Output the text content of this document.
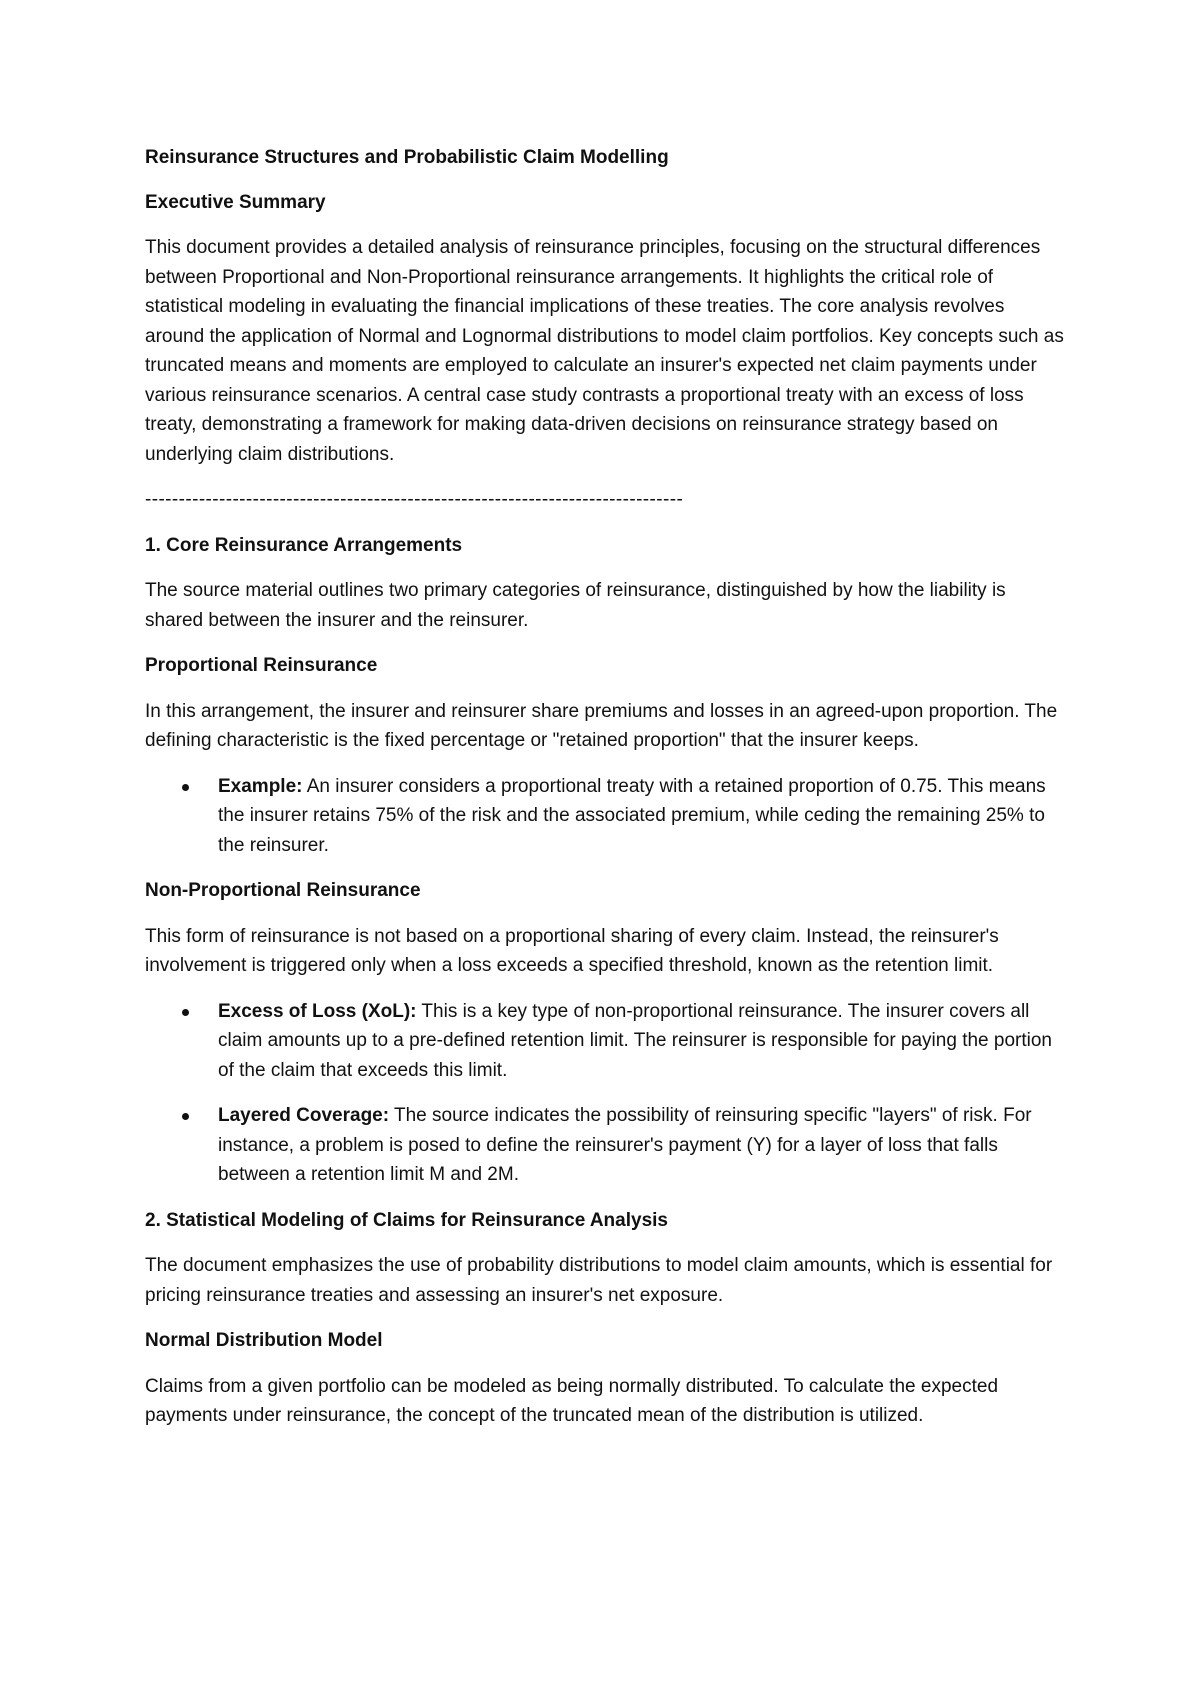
Reinsurance Structures and Probabilistic Claim Modelling
Executive Summary

This document provides a detailed analysis of reinsurance principles, focusing on the structural differences between Proportional and Non-Proportional reinsurance arrangements. It highlights the critical role of statistical modeling in evaluating the financial implications of these treaties. The core analysis revolves around the application of Normal and Lognormal distributions to model claim portfolios. Key concepts such as truncated means and moments are employed to calculate an insurer's expected net claim payments under various reinsurance scenarios. A central case study contrasts a proportional treaty with an excess of loss treaty, demonstrating a framework for making data-driven decisions on reinsurance strategy based on underlying claim distributions.

--------------------------------------------------------------------------------
1. Core Reinsurance Arrangements

The source material outlines two primary categories of reinsurance, distinguished by how the liability is shared between the insurer and the reinsurer.

Proportional Reinsurance

In this arrangement, the insurer and reinsurer share premiums and losses in an agreed-upon proportion. The defining characteristic is the fixed percentage or "retained proportion" that the insurer keeps.

Example: An insurer considers a proportional treaty with a retained proportion of 0.75. This means the insurer retains 75% of the risk and the associated premium, while ceding the remaining 25% to the reinsurer.
Non-Proportional Reinsurance

This form of reinsurance is not based on a proportional sharing of every claim. Instead, the reinsurer's involvement is triggered only when a loss exceeds a specified threshold, known as the retention limit.

Excess of Loss (XoL): This is a key type of non-proportional reinsurance. The insurer covers all claim amounts up to a pre-defined retention limit. The reinsurer is responsible for paying the portion of the claim that exceeds this limit.
Layered Coverage: The source indicates the possibility of reinsuring specific "layers" of risk. For instance, a problem is posed to define the reinsurer's payment (Y) for a layer of loss that falls between a retention limit M and 2M.
2. Statistical Modeling of Claims for Reinsurance Analysis

The document emphasizes the use of probability distributions to model claim amounts, which is essential for pricing reinsurance treaties and assessing an insurer's net exposure.

Normal Distribution Model

Claims from a given portfolio can be modeled as being normally distributed. To calculate the expected payments under reinsurance, the concept of the truncated mean of the distribution is utilized.
